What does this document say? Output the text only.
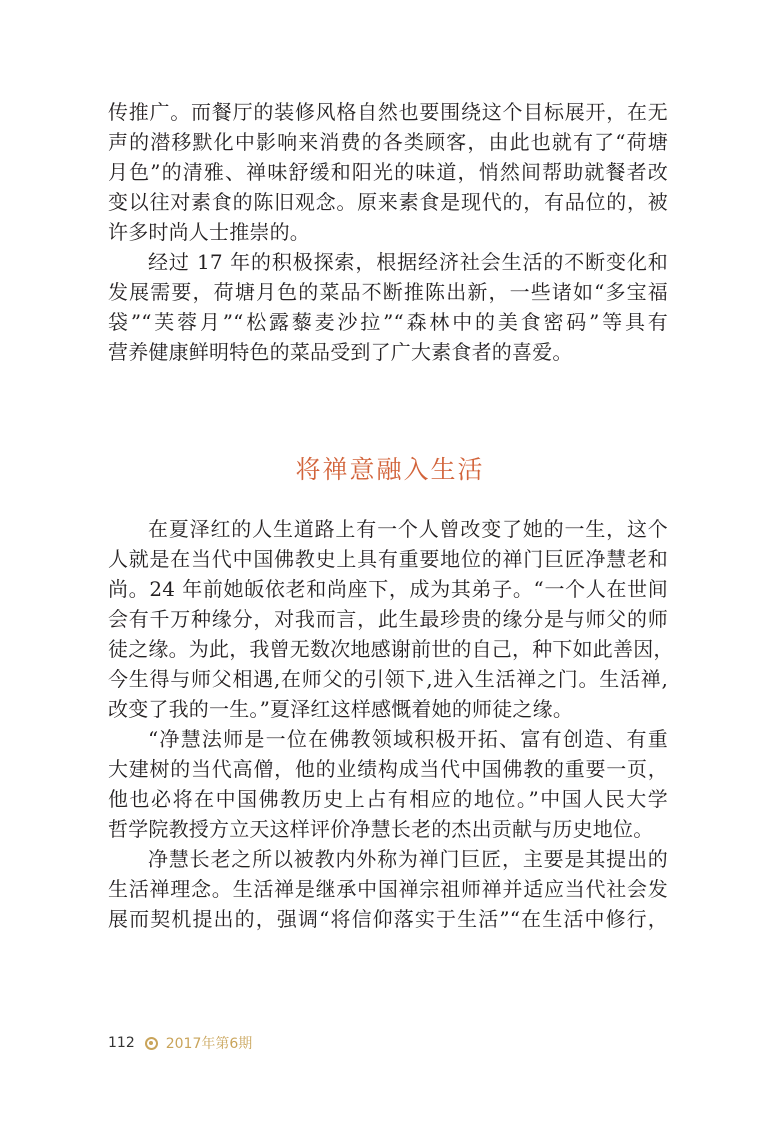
传推广。而餐厅的装修风格自然也要围绕这个目标展开，在无
声的潜移默化中影响来消费的各类顾客，由此也就有了“荷塘
月色”的清雅、禅味舒缓和阳光的味道，悄然间帮助就餐者改
变以往对素食的陈旧观念。原来素食是现代的，有品位的，被
许多时尚人士推崇的。
经过 17 年的积极探索，根据经济社会生活的不断变化和
发展需要，荷塘月色的菜品不断推陈出新，一些诸如“多宝福
袋”“芙蓉月”“松露藜麦沙拉”“森林中的美食密码”等具有
营养健康鲜明特色的菜品受到了广大素食者的喜爱。
将禅意融入生活
在夏泽红的人生道路上有一个人曾改变了她的一生，这个
人就是在当代中国佛教史上具有重要地位的禅门巨匠净慧老和
尚。24 年前她皈依老和尚座下，成为其弟子。“一个人在世间
会有千万种缘分，对我而言，此生最珍贵的缘分是与师父的师
徒之缘。为此，我曾无数次地感谢前世的自己，种下如此善因，
今生得与师父相遇,在师父的引领下,进入生活禅之门。生活禅,
改变了我的一生。”夏泽红这样感慨着她的师徒之缘。
“净慧法师是一位在佛教领域积极开拓、富有创造、有重
大建树的当代高僧，他的业绩构成当代中国佛教的重要一页，
他也必将在中国佛教历史上占有相应的地位。”中国人民大学
哲学院教授方立天这样评价净慧长老的杰出贡献与历史地位。
净慧长老之所以被教内外称为禅门巨匠，主要是其提出的
生活禅理念。生活禅是继承中国禅宗祖师禅并适应当代社会发
展而契机提出的，强调“将信仰落实于生活”“在生活中修行，
112 2017年第6期
